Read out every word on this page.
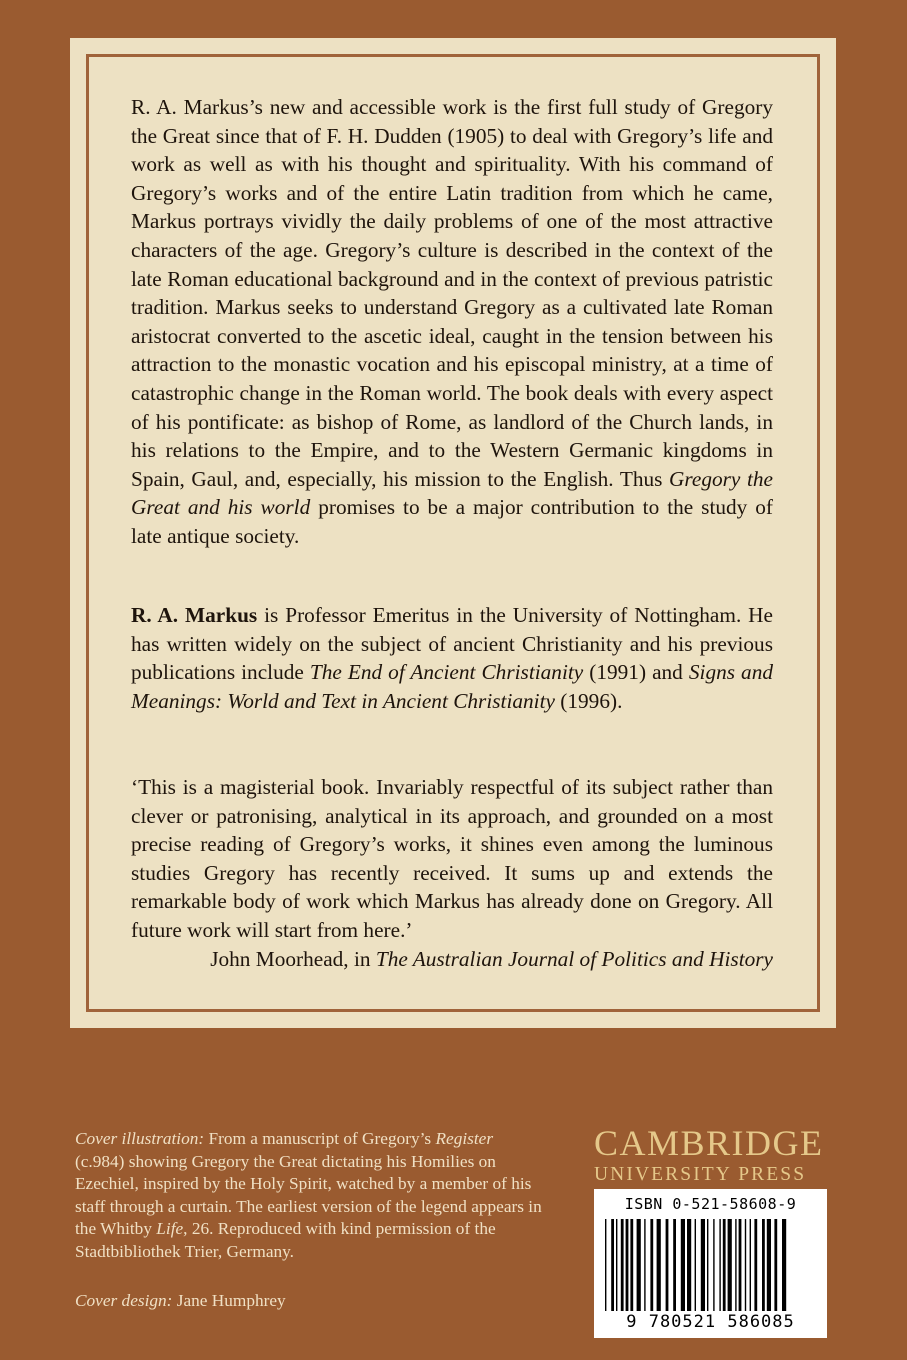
R. A. Markus’s new and accessible work is the first full study of Gregory the Great since that of F. H. Dudden (1905) to deal with Gregory’s life and work as well as with his thought and spirituality. With his command of Gregory’s works and of the entire Latin tradition from which he came, Markus portrays vividly the daily problems of one of the most attractive characters of the age. Gregory’s culture is described in the context of the late Roman educational background and in the context of previous patristic tradition. Markus seeks to understand Gregory as a cultivated late Roman aristocrat converted to the ascetic ideal, caught in the tension between his attraction to the monastic vocation and his episcopal ministry, at a time of catastrophic change in the Roman world. The book deals with every aspect of his pontificate: as bishop of Rome, as landlord of the Church lands, in his relations to the Empire, and to the Western Germanic kingdoms in Spain, Gaul, and, especially, his mission to the English. Thus Gregory the Great and his world promises to be a major contribution to the study of late antique society.
R. A. Markus is Professor Emeritus in the University of Nottingham. He has written widely on the subject of ancient Christianity and his previous publications include The End of Ancient Christianity (1991) and Signs and Meanings: World and Text in Ancient Christianity (1996).
‘This is a magisterial book. Invariably respectful of its subject rather than clever or patronising, analytical in its approach, and grounded on a most precise reading of Gregory’s works, it shines even among the luminous studies Gregory has recently received. It sums up and extends the remarkable body of work which Markus has already done on Gregory. All future work will start from here.’
John Moorhead, in The Australian Journal of Politics and History
Cover illustration: From a manuscript of Gregory’s Register (c.984) showing Gregory the Great dictating his Homilies on Ezechiel, inspired by the Holy Spirit, watched by a member of his staff through a curtain. The earliest version of the legend appears in the Whitby Life, 26. Reproduced with kind permission of the Stadtbibliothek Trier, Germany.
Cover design: Jane Humphrey
CAMBRIDGE
UNIVERSITY PRESS
ISBN 0-521-58608-9
9 780521 586085
